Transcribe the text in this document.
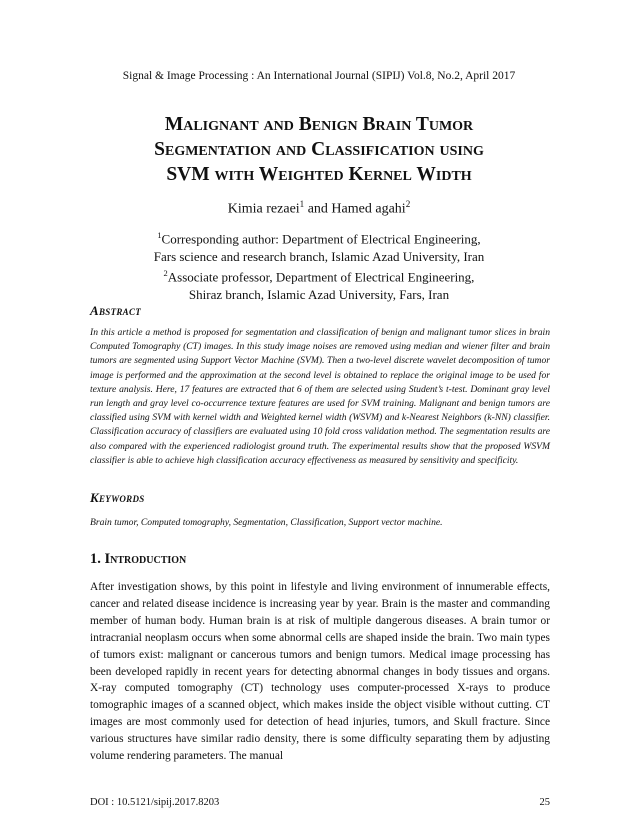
Signal & Image Processing : An International Journal (SIPIJ) Vol.8, No.2, April 2017
Malignant and Benign Brain Tumor
Segmentation and Classification using
SVM with Weighted Kernel Width
Kimia rezaei$^1$ and Hamed agahi$^2$
$^1$Corresponding author: Department of Electrical Engineering,
Fars science and research branch, Islamic Azad University, Iran
$^2$Associate professor, Department of Electrical Engineering,
Shiraz branch, Islamic Azad University, Fars, Iran
Abstract
In this article a method is proposed for segmentation and classification of benign and malignant tumor slices in brain Computed Tomography (CT) images. In this study image noises are removed using median and wiener filter and brain tumors are segmented using Support Vector Machine (SVM). Then a two-level discrete wavelet decomposition of tumor image is performed and the approximation at the second level is obtained to replace the original image to be used for texture analysis. Here, 17 features are extracted that 6 of them are selected using Student’s t-test. Dominant gray level run length and gray level co-occurrence texture features are used for SVM training. Malignant and benign tumors are classified using SVM with kernel width and Weighted kernel width (WSVM) and k-Nearest Neighbors (k-NN) classifier. Classification accuracy of classifiers are evaluated using 10 fold cross validation method. The segmentation results are also compared with the experienced radiologist ground truth. The experimental results show that the proposed WSVM classifier is able to achieve high classification accuracy effectiveness as measured by sensitivity and specificity.
Keywords
Brain tumor, Computed tomography, Segmentation, Classification, Support vector machine.
1. Introduction
After investigation shows, by this point in lifestyle and living environment of innumerable effects, cancer and related disease incidence is increasing year by year. Brain is the master and commanding member of human body. Human brain is at risk of multiple dangerous diseases. A brain tumor or intracranial neoplasm occurs when some abnormal cells are shaped inside the brain. Two main types of tumors exist: malignant or cancerous tumors and benign tumors. Medical image processing has been developed rapidly in recent years for detecting abnormal changes in body tissues and organs. X-ray computed tomography (CT) technology uses computer-processed X-rays to produce tomographic images of a scanned object, which makes inside the object visible without cutting. CT images are most commonly used for detection of head injuries, tumors, and Skull fracture. Since various structures have similar radio density, there is some difficulty separating them by adjusting volume rendering parameters. The manual
DOI : 10.5121/sipij.2017.8203	25
